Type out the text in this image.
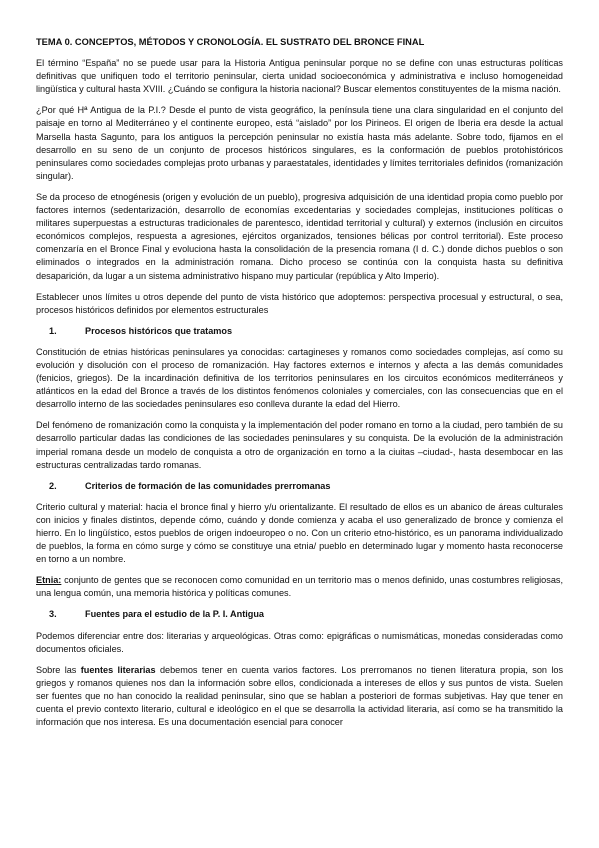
TEMA 0. CONCEPTOS, MÉTODOS Y CRONOLOGÍA. EL SUSTRATO DEL BRONCE FINAL

El término “España” no se puede usar para la Historia Antigua peninsular porque no se define con unas estructuras políticas definitivas que unifiquen todo el territorio peninsular, cierta unidad socioeconómica y administrativa e incluso homogeneidad lingüística y cultural hasta XVIII. ¿Cuándo se configura la historia nacional? Buscar elementos constituyentes de la misma nación.

¿Por qué Hª Antigua de la P.I.? Desde el punto de vista geográfico, la península tiene una clara singularidad en el conjunto del paisaje en torno al Mediterráneo y el continente europeo, está “aislado” por los Pirineos. El origen de Iberia era desde la actual Marsella hasta Sagunto, para los antiguos la percepción peninsular no existía hasta más adelante. Sobre todo, fijamos en el desarrollo en su seno de un conjunto de procesos históricos singulares, es la conformación de pueblos protohistóricos peninsulares como sociedades complejas proto urbanas y paraestatales, identidades y límites territoriales definidos (romanización singular).

Se da proceso de etnogénesis (origen y evolución de un pueblo), progresiva adquisición de una identidad propia como pueblo por factores internos (sedentarización, desarrollo de economías excedentarias y sociedades complejas, instituciones políticas o militares superpuestas a estructuras tradicionales de parentesco, identidad territorial y cultural) y externos (inclusión en circuitos económicos complejos, respuesta a agresiones, ejércitos organizados, tensiones bélicas por control territorial). Este proceso comenzaría en el Bronce Final y evoluciona hasta la consolidación de la presencia romana (I d. C.) donde dichos pueblos o son eliminados o integrados en la administración romana. Dicho proceso se continúa con la conquista hasta su definitiva desaparición, da lugar a un sistema administrativo hispano muy particular (república y Alto Imperio).

Establecer unos límites u otros depende del punto de vista histórico que adoptemos: perspectiva procesual y estructural, o sea, procesos históricos definidos por elementos estructurales

1.	Procesos históricos que tratamos

Constitución de etnias históricas peninsulares ya conocidas: cartagineses y romanos como sociedades complejas, así como su evolución y disolución con el proceso de romanización. Hay factores externos e internos y afecta a las demás comunidades (fenicios, griegos). De la incardinación definitiva de los territorios peninsulares en los circuitos económicos mediterráneos y atlánticos en la edad del Bronce a través de los distintos fenómenos coloniales y comerciales, con las consecuencias que en el desarrollo interno de las sociedades peninsulares eso conlleva durante la edad del Hierro.

Del fenómeno de romanización como la conquista y la implementación del poder romano en torno a la ciudad, pero también de su desarrollo particular dadas las condiciones de las sociedades peninsulares y su conquista. De la evolución de la administración imperial romana desde un modelo de conquista a otro de organización en torno a la ciuitas –ciudad-, hasta desembocar en las estructuras centralizadas tardo romanas.

2.	Criterios de formación de las comunidades prerromanas

Criterio cultural y material: hacia el bronce final y hierro y/u orientalizante. El resultado de ellos es un abanico de áreas culturales con inicios y finales distintos, depende cómo, cuándo y donde comienza y acaba el uso generalizado de bronce y comienza el hierro. En lo lingüístico, estos pueblos de origen indoeuropeo o no. Con un criterio etno-histórico, es un panorama individualizado de pueblos, la forma en cómo surge y cómo se constituye una etnia/ pueblo en determinado lugar y momento hasta reconocerse en torno a un nombre.

Etnia: conjunto de gentes que se reconocen como comunidad en un territorio mas o menos definido, unas costumbres religiosas, una lengua común, una memoria histórica y políticas comunes.

3.	Fuentes para el estudio de la P. I. Antigua

Podemos diferenciar entre dos: literarias y arqueológicas. Otras como: epigráficas o numismáticas, monedas consideradas como documentos oficiales.

Sobre las fuentes literarias debemos tener en cuenta varios factores. Los prerromanos no tienen literatura propia, son los griegos y romanos quienes nos dan la información sobre ellos, condicionada a intereses de ellos y sus puntos de vista. Suelen ser fuentes que no han conocido la realidad peninsular, sino que se hablan a posteriori de formas subjetivas. Hay que tener en cuenta el previo contexto literario, cultural e ideológico en el que se desarrolla la actividad literaria, así como se ha transmitido la información que nos interesa. Es una documentación esencial para conocer
